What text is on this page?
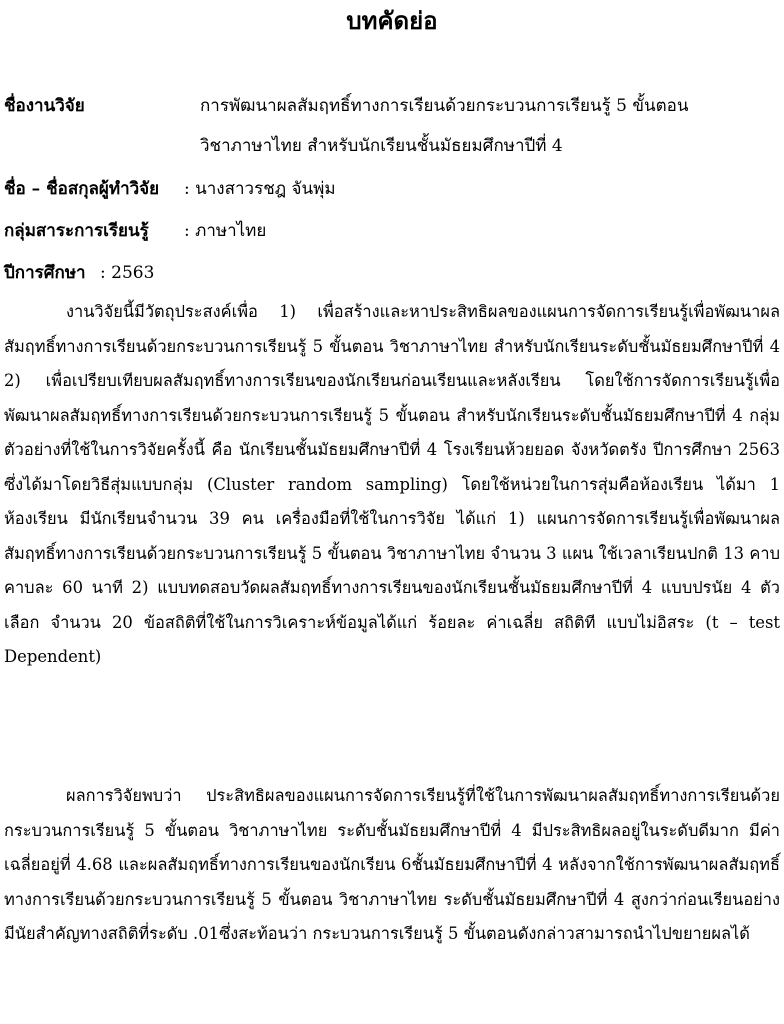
บทคัดย่อ
ชื่องานวิจัย	การพัฒนาผลสัมฤทธิ์ทางการเรียนด้วยกระบวนการเรียนรู้ 5 ขั้นตอน
วิชาภาษาไทย สำหรับนักเรียนชั้นมัธยมศึกษาปีที่ 4
ชื่อ – ชื่อสกุลผู้ทำวิจัย : นางสาวรชฎ จันพุ่ม
กลุ่มสาระการเรียนรู้ : ภาษาไทย
ปีการศึกษา : 2563

งานวิจัยนี้มีวัตถุประสงค์เพื่อ 1) เพื่อสร้างและหาประสิทธิผลของแผนการจัดการเรียนรู้เพื่อพัฒนาผลสัมฤทธิ์ทางการเรียนด้วยกระบวนการเรียนรู้ 5 ขั้นตอน วิชาภาษาไทย สำหรับนักเรียนระดับชั้นมัธยมศึกษาปีที่ 4 2) เพื่อเปรียบเทียบผลสัมฤทธิ์ทางการเรียนของนักเรียนก่อนเรียนและหลังเรียน โดยใช้การจัดการเรียนรู้เพื่อพัฒนาผลสัมฤทธิ์ทางการเรียนด้วยกระบวนการเรียนรู้ 5 ขั้นตอน สำหรับนักเรียนระดับชั้นมัธยมศึกษาปีที่ 4 กลุ่มตัวอย่างที่ใช้ในการวิจัยครั้งนี้ คือ นักเรียนชั้นมัธยมศึกษาปีที่ 4 โรงเรียนห้วยยอด จังหวัดตรัง ปีการศึกษา 2563 ซึ่งได้มาโดยวิธีสุ่มแบบกลุ่ม (Cluster random sampling) โดยใช้หน่วยในการสุ่มคือห้องเรียน ได้มา 1 ห้องเรียน มีนักเรียนจำนวน 39 คน เครื่องมือที่ใช้ในการวิจัย ได้แก่ 1) แผนการจัดการเรียนรู้เพื่อพัฒนาผลสัมฤทธิ์ทางการเรียนด้วยกระบวนการเรียนรู้ 5 ขั้นตอน วิชาภาษาไทย จำนวน 3 แผน ใช้เวลาเรียนปกติ 13 คาบ คาบละ 60 นาที 2) แบบทดสอบวัดผลสัมฤทธิ์ทางการเรียนของนักเรียนชั้นมัธยมศึกษาปีที่ 4 แบบปรนัย 4 ตัวเลือก จำนวน 20 ข้อสถิติที่ใช้ในการวิเคราะห์ข้อมูลได้แก่ ร้อยละ ค่าเฉลี่ย สถิติที แบบไม่อิสระ (t – test Dependent)

ผลการวิจัยพบว่า ประสิทธิผลของแผนการจัดการเรียนรู้ที่ใช้ในการพัฒนาผลสัมฤทธิ์ทางการเรียนด้วยกระบวนการเรียนรู้ 5 ขั้นตอน วิชาภาษาไทย ระดับชั้นมัธยมศึกษาปีที่ 4 มีประสิทธิผลอยู่ในระดับดีมาก มีค่าเฉลี่ยอยู่ที่ 4.68 และผลสัมฤทธิ์ทางการเรียนของนักเรียน 6ชั้นมัธยมศึกษาปีที่ 4 หลังจากใช้การพัฒนาผลสัมฤทธิ์ทางการเรียนด้วยกระบวนการเรียนรู้ 5 ขั้นตอน วิชาภาษาไทย ระดับชั้นมัธยมศึกษาปีที่ 4 สูงกว่าก่อนเรียนอย่างมีนัยสำคัญทางสถิติที่ระดับ .01ซึ่งสะท้อนว่า กระบวนการเรียนรู้ 5 ขั้นตอนดังกล่าวสามารถนำไปขยายผลได้
